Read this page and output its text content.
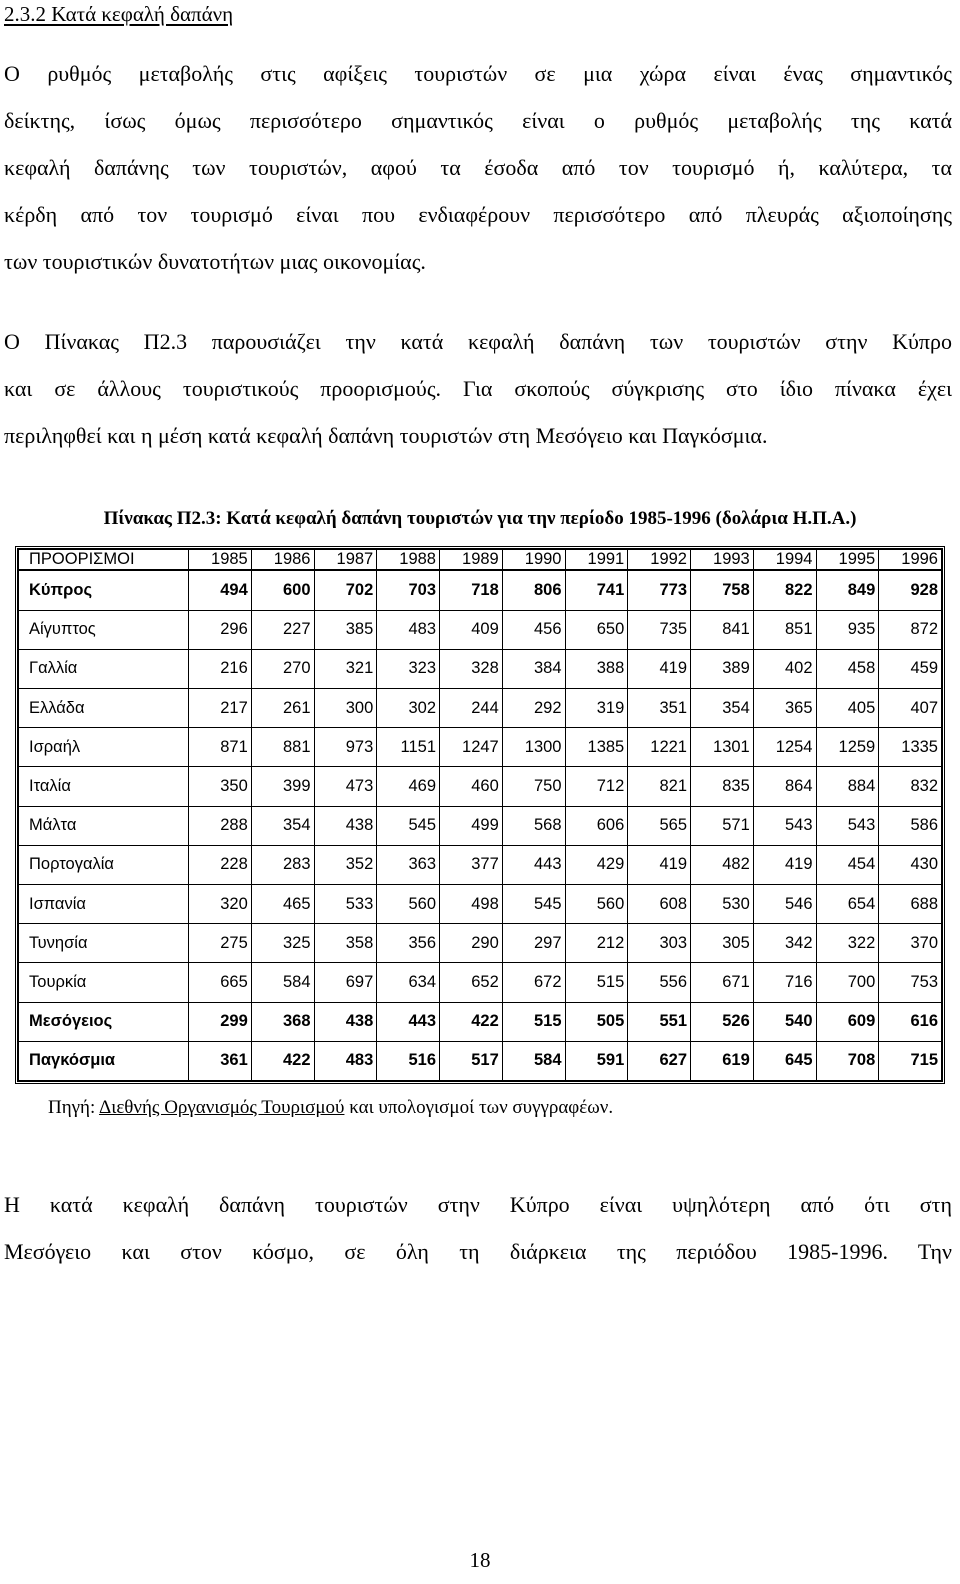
2.3.2 Κατά κεφαλή δαπάνη
Ο ρυθμός μεταβολής στις αφίξεις τουριστών σε μια χώρα είναι ένας σημαντικός
δείκτης, ίσως όμως περισσότερο σημαντικός είναι ο ρυθμός μεταβολής της κατά
κεφαλή δαπάνης των τουριστών, αφού τα έσοδα από τον τουρισμό ή, καλύτερα, τα
κέρδη από τον τουρισμό είναι που ενδιαφέρουν περισσότερο από πλευράς αξιοποίησης
των τουριστικών δυνατοτήτων μιας οικονομίας.
Ο Πίνακας Π2.3 παρουσιάζει την κατά κεφαλή δαπάνη των τουριστών στην Κύπρο
και σε άλλους τουριστικούς προορισμούς. Για σκοπούς σύγκρισης στο ίδιο πίνακα έχει
περιληφθεί και η μέση κατά κεφαλή δαπάνη τουριστών στη Μεσόγειο και Παγκόσμια.

Πίνακας Π2.3: Κατά κεφαλή δαπάνη τουριστών για την περίοδο 1985-1996 (δολάρια Η.Π.Α.)

ΠΡΟΟΡΙΣΜΟΙ	1985	1986	1987	1988	1989	1990	1991	1992	1993	1994	1995	1996
Κύπρος	494	600	702	703	718	806	741	773	758	822	849	928
Αίγυπτος	296	227	385	483	409	456	650	735	841	851	935	872
Γαλλία	216	270	321	323	328	384	388	419	389	402	458	459
Ελλάδα	217	261	300	302	244	292	319	351	354	365	405	407
Ισραήλ	871	881	973	1151	1247	1300	1385	1221	1301	1254	1259	1335
Ιταλία	350	399	473	469	460	750	712	821	835	864	884	832
Μάλτα	288	354	438	545	499	568	606	565	571	543	543	586
Πορτογαλία	228	283	352	363	377	443	429	419	482	419	454	430
Ισπανία	320	465	533	560	498	545	560	608	530	546	654	688
Τυνησία	275	325	358	356	290	297	212	303	305	342	322	370
Τουρκία	665	584	697	634	652	672	515	556	671	716	700	753
Μεσόγειος	299	368	438	443	422	515	505	551	526	540	609	616
Παγκόσμια	361	422	483	516	517	584	591	627	619	645	708	715

Πηγή: Διεθνής Οργανισμός Τουρισμού και υπολογισμοί των συγγραφέων.

Η κατά κεφαλή δαπάνη τουριστών στην Κύπρο είναι υψηλότερη από ότι στη
Μεσόγειο και στον κόσμο, σε όλη τη διάρκεια της περιόδου 1985-1996. Την

18
